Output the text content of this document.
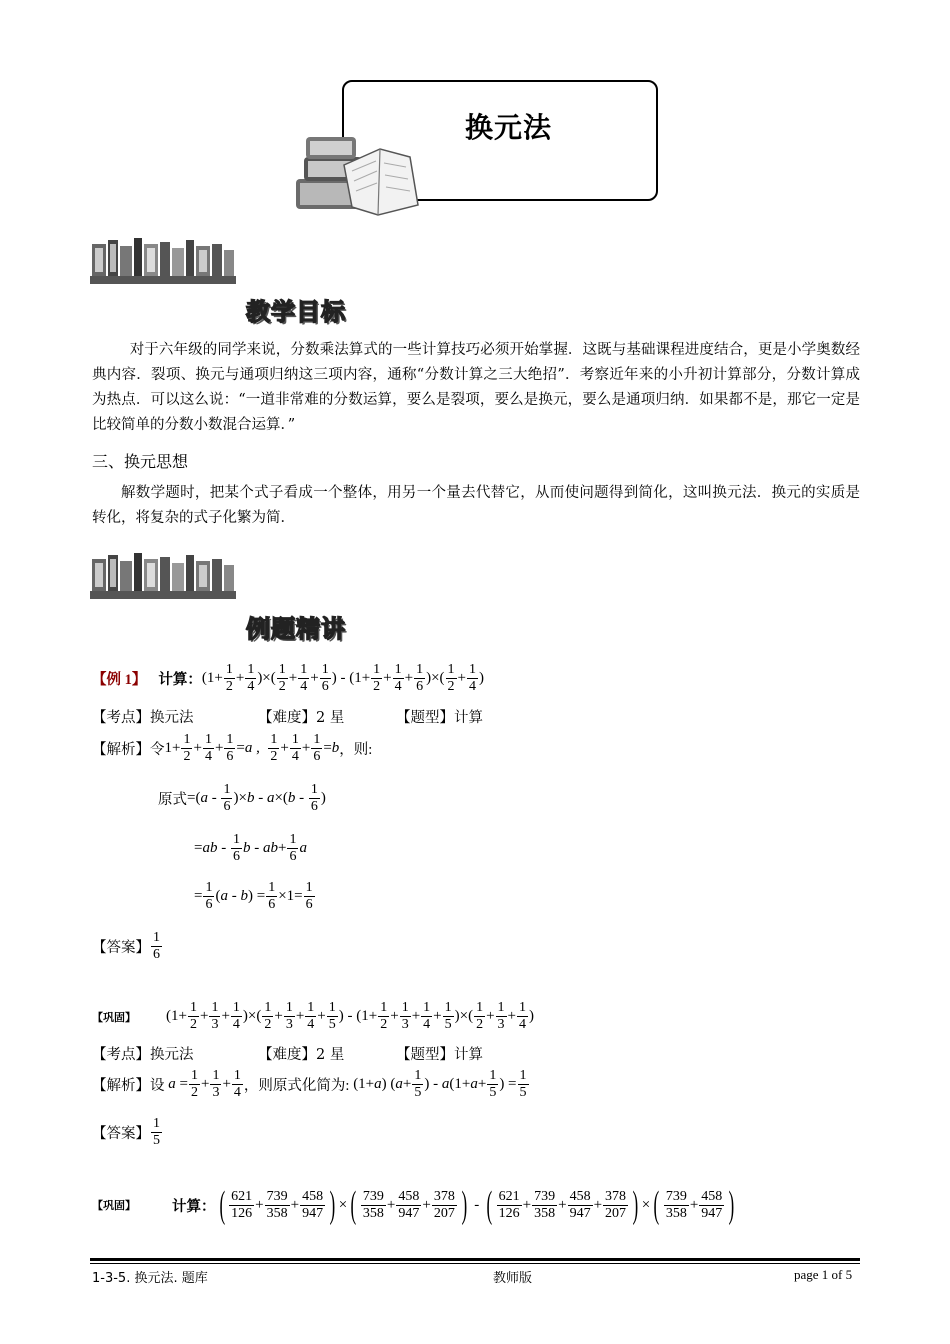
换元法
教学目标
对于六年级的同学来说，分数乘法算式的一些计算技巧必须开始掌握．这既与基础课程进度结合，更是小学奥数经典内容．裂项、换元与通项归纳这三项内容，通称“分数计算之三大绝招”．考察近年来的小升初计算部分，分数计算成为热点．可以这么说：“一道非常难的分数运算，要么是裂项，要么是换元，要么是通项归纳．如果都不是，那它一定是比较简单的分数小数混合运算．”
三、换元思想
解数学题时，把某个式子看成一个整体，用另一个量去代替它，从而使问题得到简化，这叫换元法．换元的实质是转化，将复杂的式子化繁为简．
例题精讲
【例 1】 计算： ($1+ \frac{1}{2} + \frac{1}{4}$ )×( $\frac{1}{2} + \frac{1}{4} + \frac{1}{6}$ ) - ($1+ \frac{1}{2} + \frac{1}{4} + \frac{1}{6}$ )×( $\frac{1}{2} + \frac{1}{4}$ )
【考点】换元法	【难度】2 星	【题型】计算
【解析】令 $1+ \frac{1}{2} + \frac{1}{4} + \frac{1}{6} = a$ , $\frac{1}{2} + \frac{1}{4} + \frac{1}{6} = b$ ，则:
原式 =( a - $\frac{1}{6}$ )× b - a ×( b - $\frac{1}{6}$ )
= ab - $\frac{1}{6}$ b - ab + $\frac{1}{6}$ a
= $\frac{1}{6}$ ( a - b ) = $\frac{1}{6} \times 1= \frac{1}{6}$
【答案】 $\frac{1}{6}$
【巩固】 ($1+ \frac{1}{2} + \frac{1}{3} + \frac{1}{4}$ )×( $\frac{1}{2} + \frac{1}{3} + \frac{1}{4} + \frac{1}{5}$ ) - ($1+ \frac{1}{2} + \frac{1}{3} + \frac{1}{4} + \frac{1}{5}$ )×( $\frac{1}{2} + \frac{1}{3} + \frac{1}{4}$ )
【考点】换元法	【难度】2 星	【题型】计算
【解析】设
$a = \frac{1}{2} + \frac{1}{3} + \frac{1}{4}$ ，则原式化简为: (1+ a ) ( $a + \frac{1}{5}$ ) - a ($1+ a + \frac{1}{5}$ ) = $\frac{1}{5}$
【答案】 $\frac{1}{5}$
【巩固】 计算： ( $\frac{621}{126} + \frac{739}{358} + \frac{458}{947}$ ) × ( $\frac{739}{358} + \frac{458}{947} + \frac{378}{207}$ ) - ( $\frac{621}{126} + \frac{739}{358} + \frac{458}{947} + \frac{378}{207}$ ) × ( $\frac{739}{358} + \frac{458}{947}$ )
1-3-5. 换元法. 题库	教师版	page 1 of 5
